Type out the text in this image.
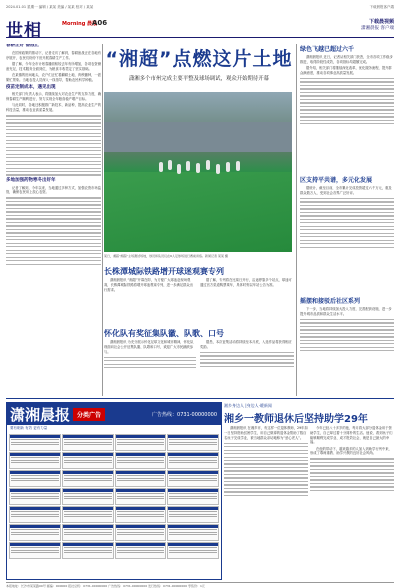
2024.01.01 星期一 编辑 / 某某 美编 / 某某 校对 / 某某	下载晨报客户端
世相	Morning 晨报
A06	下载晨视频
潇湘晨报 客户端
春耕正好 备战忙

在国家政策的推动下，记者走访了解到，春耕备战正在各地有序展开，农民们纷纷下田开展春耕生产工作。

据了解，今年全市计划春播面积较去年有所增加，各项农资储备充足，技术服务全面到位，为粮食丰收奠定了坚实基础。

在某镇的田间地头，农户们正忙着翻耕土地、育秧播种，一派繁忙景象。当地农技人员深入一线指导，帮助农民科学种植。

疫苗定制成本，遇见出现

相关部门负责人表示，将继续加大对农业生产的支持力度，确保春耕生产顺利进行，努力实现全年粮食稳产增产目标。

与此同时，各地还积极推广新技术、新品种，提高农业生产的科技含量，推动农业高质量发展。

多地加强药物寒冬出好年

记者了解到，今年以来，当地通过多种方式，加强农资市场监管，确保农民用上放心农资。

“湘超”点燃这片土地
潇湘多个市州完成主要平整及球场调试，观众开始期待开幕
某日，湘超“湘超”主场测试场地，球员和队员们在6人足球场进行赛前训练。新闻记者 某某 摄
长株潭城际铁路增开球迷观赛专列

潇湘晨报讯 “湘超”开幕在即，为方便广大球迷赴现场观赛，长株潭城际铁路将增开球迷观赛专列，进一步满足群众出行需求。

据了解，专列将在比赛日开行，沿途停靠多个站点，球迷可通过官方渠道购票乘车，具体时刻以车站公告为准。

怀化队有奖征集队徽、队歌、口号

潇湘晨报讯 为充分展示怀化足球文化和城市精神，怀化队现面向社会公开征集队徽、队歌和口号，欢迎广大市民踊跃参与。

据悉，本次征集活动将持续至本月底，入选作品将获得相应奖励。

绿色飞越已超过六千

潇湘晨报讯 近日，记者从相关部门获悉，全市各项工作稳步推进，取得阶段性成效，各项指标均超额完成。

据介绍，相关部门将继续深化改革，优化服务流程，提升群众满意度，推动各项事业高质量发展。

区支持平共谱，多元化发展

据统计，截至目前，全市累计完成投资超过六千万元，惠及群众数万人，受到社会各界广泛好评。

摇摆和接驳后社区系列

下一步，当地将持续加大投入力度，完善配套设施，进一步提升城市品质和群众生活水平。

潇湘晨报	分类广告	广告热线：0731-00000000
要有刷新 有效 更有力量
湘乡身边人 |身边人·暖新闻
湘乡一教师退休后坚持助学29年

潇湘晨报讯 在湘乡市，有这样一位退休教师，29年如一日坚持资助贫困学生，用自己微薄的退休金帮助了数百名孩子完成学业，被当地群众亲切地称为“爱心老人”。

今年已经八十多岁的他，每月将大部分退休金用于资助学生，自己却过着十分简朴的生活。他说，看到孩子们能够顺利完成学业、成才报效社会，就是自己最大的幸福。

在他的带动下，越来越多的人加入到助学行列中来，形成了尊师重教、助学兴教的良好社会风尚。

本报地址：长沙市某某路00号 邮编：000000 报社总机：0731-00000000 广告热线：0731-00000000 发行热线：0731-00000000 零售价：1元
